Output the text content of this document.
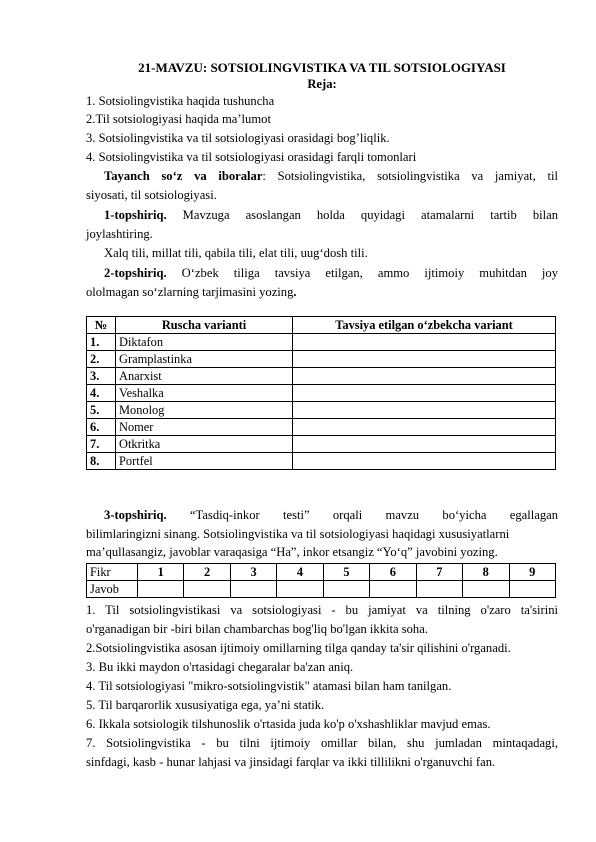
21-MAVZU: SOTSIOLINGVISTIKA VA TIL SOTSIOLOGIYASI
Reja:
1. Sotsiolingvistika haqida tushuncha
2.Til sotsiologiyasi haqida ma’lumot
3. Sotsiolingvistika va til sotsiologiyasi orasidagi bog’liqlik.
4. Sotsiolingvistika va til sotsiologiyasi orasidagi farqli tomonlari
Tayanch so‘z va iboralar: Sotsiolingvistika, sotsiolingvistika va jamiyat, til
siyosati, til sotsiologiyasi.
1-topshiriq. Mavzuga asoslangan holda quyidagi atamalarni tartib bilan
joylashtiring.
Xalq tili, millat tili, qabila tili, elat tili, uug‘dosh tili.
2-topshiriq. O‘zbek tiliga tavsiya etilgan, ammo ijtimoiy muhitdan joy
ololmagan so‘zlarning tarjimasini yozing.
№	Ruscha varianti	Tavsiya etilgan o‘zbekcha variant
1.	Diktafon	
2.	Gramplastinka	
3.	Anarxist	
4.	Veshalka	
5.	Monolog	
6.	Nomer	
7.	Otkritka	
8.	Portfel	
3-topshiriq. “Tasdiq-inkor testi” orqali mavzu bo‘yicha egallagan
bilimlaringizni sinang. Sotsiolingvistika va til sotsiologiyasi haqidagi xususiyatlarni
ma’qullasangiz, javoblar varaqasiga “Ha”, inkor etsangiz “Yo‘q” javobini yozing.
Fikr	1	2	3	4	5	6	7	8	9
Javob									
1. Til sotsiolingvistikasi va sotsiologiyasi - bu jamiyat va tilning o'zaro ta'sirini
o'rganadigan bir -biri bilan chambarchas bog'liq bo'lgan ikkita soha.
2.Sotsiolingvistika asosan ijtimoiy omillarning tilga qanday ta'sir qilishini o'rganadi.
3. Bu ikki maydon o'rtasidagi chegaralar ba'zan aniq.
4. Til sotsiologiyasi "mikro-sotsiolingvistik" atamasi bilan ham tanilgan.
5. Til barqarorlik xususiyatiga ega, ya’ni statik.
6. Ikkala sotsiologik tilshunoslik o'rtasida juda ko'p o'xshashliklar mavjud emas.
7. Sotsiolingvistika - bu tilni ijtimoiy omillar bilan, shu jumladan mintaqadagi,
sinfdagi, kasb - hunar lahjasi va jinsidagi farqlar va ikki tillilikni o'rganuvchi fan.
